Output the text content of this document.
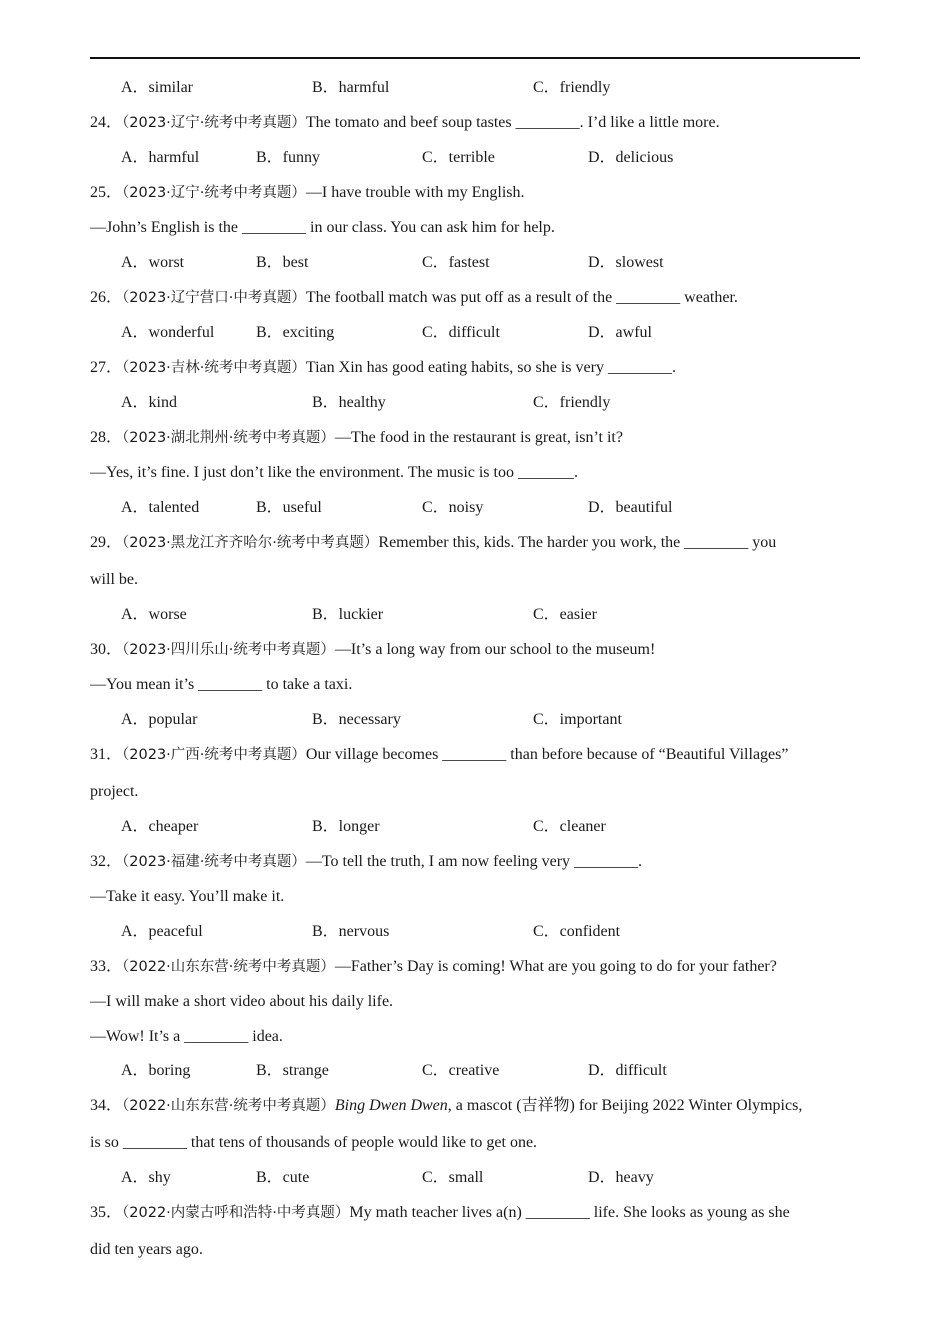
A．similar	B．harmful	C．friendly
24．（2023·辽宁·统考中考真题）The tomato and beef soup tastes ________. I’d like a little more.
A．harmful	B．funny	C．terrible	D．delicious
25．（2023·辽宁·统考中考真题）—I have trouble with my English.
—John’s English is the ________ in our class. You can ask him for help.
A．worst	B．best	C．fastest	D．slowest
26．（2023·辽宁营口·中考真题）The football match was put off as a result of the ________ weather.
A．wonderful	B．exciting	C．difficult	D．awful
27．（2023·吉林·统考中考真题）Tian Xin has good eating habits, so she is very ________.
A．kind	B．healthy	C．friendly
28．（2023·湖北荆州·统考中考真题）—The food in the restaurant is great, isn’t it?
—Yes, it’s fine. I just don’t like the environment. The music is too _______.
A．talented	B．useful	C．noisy	D．beautiful
29．（2023·黑龙江齐齐哈尔·统考中考真题）Remember this, kids. The harder you work, the ________ you
will be.
A．worse	B．luckier	C．easier
30．（2023·四川乐山·统考中考真题）—It’s a long way from our school to the museum!
—You mean it’s ________ to take a taxi.
A．popular	B．necessary	C．important
31．（2023·广西·统考中考真题）Our village becomes ________ than before because of “Beautiful Villages”
project.
A．cheaper	B．longer	C．cleaner
32．（2023·福建·统考中考真题）—To tell the truth, I am now feeling very ________.
—Take it easy. You’ll make it.
A．peaceful	B．nervous	C．confident
33．（2022·山东东营·统考中考真题）—Father’s Day is coming! What are you going to do for your father?
—I will make a short video about his daily life.
—Wow! It’s a ________ idea.
A．boring	B．strange	C．creative	D．difficult
34．（2022·山东东营·统考中考真题）Bing Dwen Dwen, a mascot (吉祥物) for Beijing 2022 Winter Olympics,
is so ________ that tens of thousands of people would like to get one.
A．shy	B．cute	C．small	D．heavy
35．（2022·内蒙古呼和浩特·中考真题）My math teacher lives a(n) ________ life. She looks as young as she
did ten years ago.
